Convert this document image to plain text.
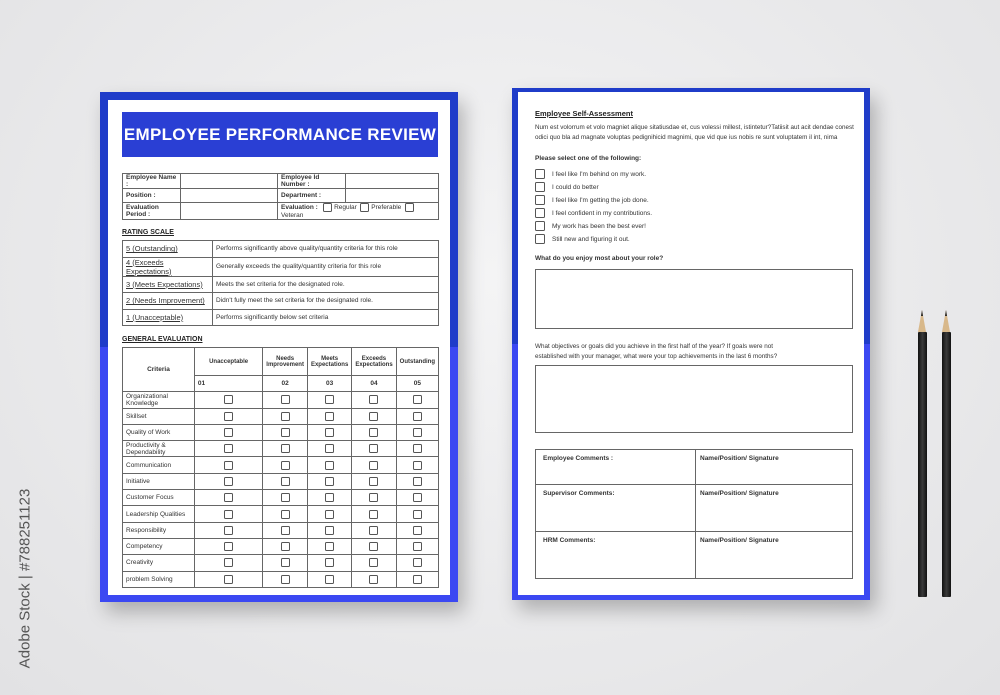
Adobe Stock | #788251123
EMPLOYEE PERFORMANCE REVIEW
Employee Name :		Employee Id Number :	
Position :		Department :	
Evaluation Period :		Evaluation : Regular Preferable   Veteran	
RATING SCALE
5 (Outstanding)	Performs significantly above quality/quantity criteria for this role
4 (Exceeds Expectations)	Generally exceeds the quality/quantity criteria for this role
3 (Meets Expectations)	Meets the set criteria for the designated role.
2 (Needs Improvement)	Didn't fully meet the set criteria for the designated role.
1 (Unacceptable)	Performs significantly below set criteria
GENERAL EVALUATION
Criteria	Unacceptable	Needs Improvement	Meets Expectations	Exceeds Expectations	Outstanding
	01	02	03	04	05
Organizational Knowledge					
Skillset					
Quality of Work					
Productivity & Dependability					
Communication					
Initiative					
Customer Focus					
Leadership Qualities					
Responsibility					
Competency					
Creativity					
problem Solving					
Employee Self-Assessment
Num est volorrum et volo magniet alique sitatiusdae et, cus volessi millest, istintetur?Tatiisit aut acit dendae conest odici quo bla ad magnate voluptas pedignihicid magnimi, que vid que ius nobis re sunt voluptatem il int, nima
Please select one of the following:
I feel like I'm behind on my work.
I could do better
I feel like I'm getting the job done.
I feel confident in my contributions.
My work has been the best ever!
Still new and figuring it out.
What do you enjoy most about your role?
What objectives or goals did you achieve in the first half of the year? If goals were not established with your manager, what were your top achievements in the last 6 months?
Employee Comments :	Name/Position/ Signature
Supervisor Comments:	Name/Position/ Signature
HRM Comments:	Name/Position/ Signature
